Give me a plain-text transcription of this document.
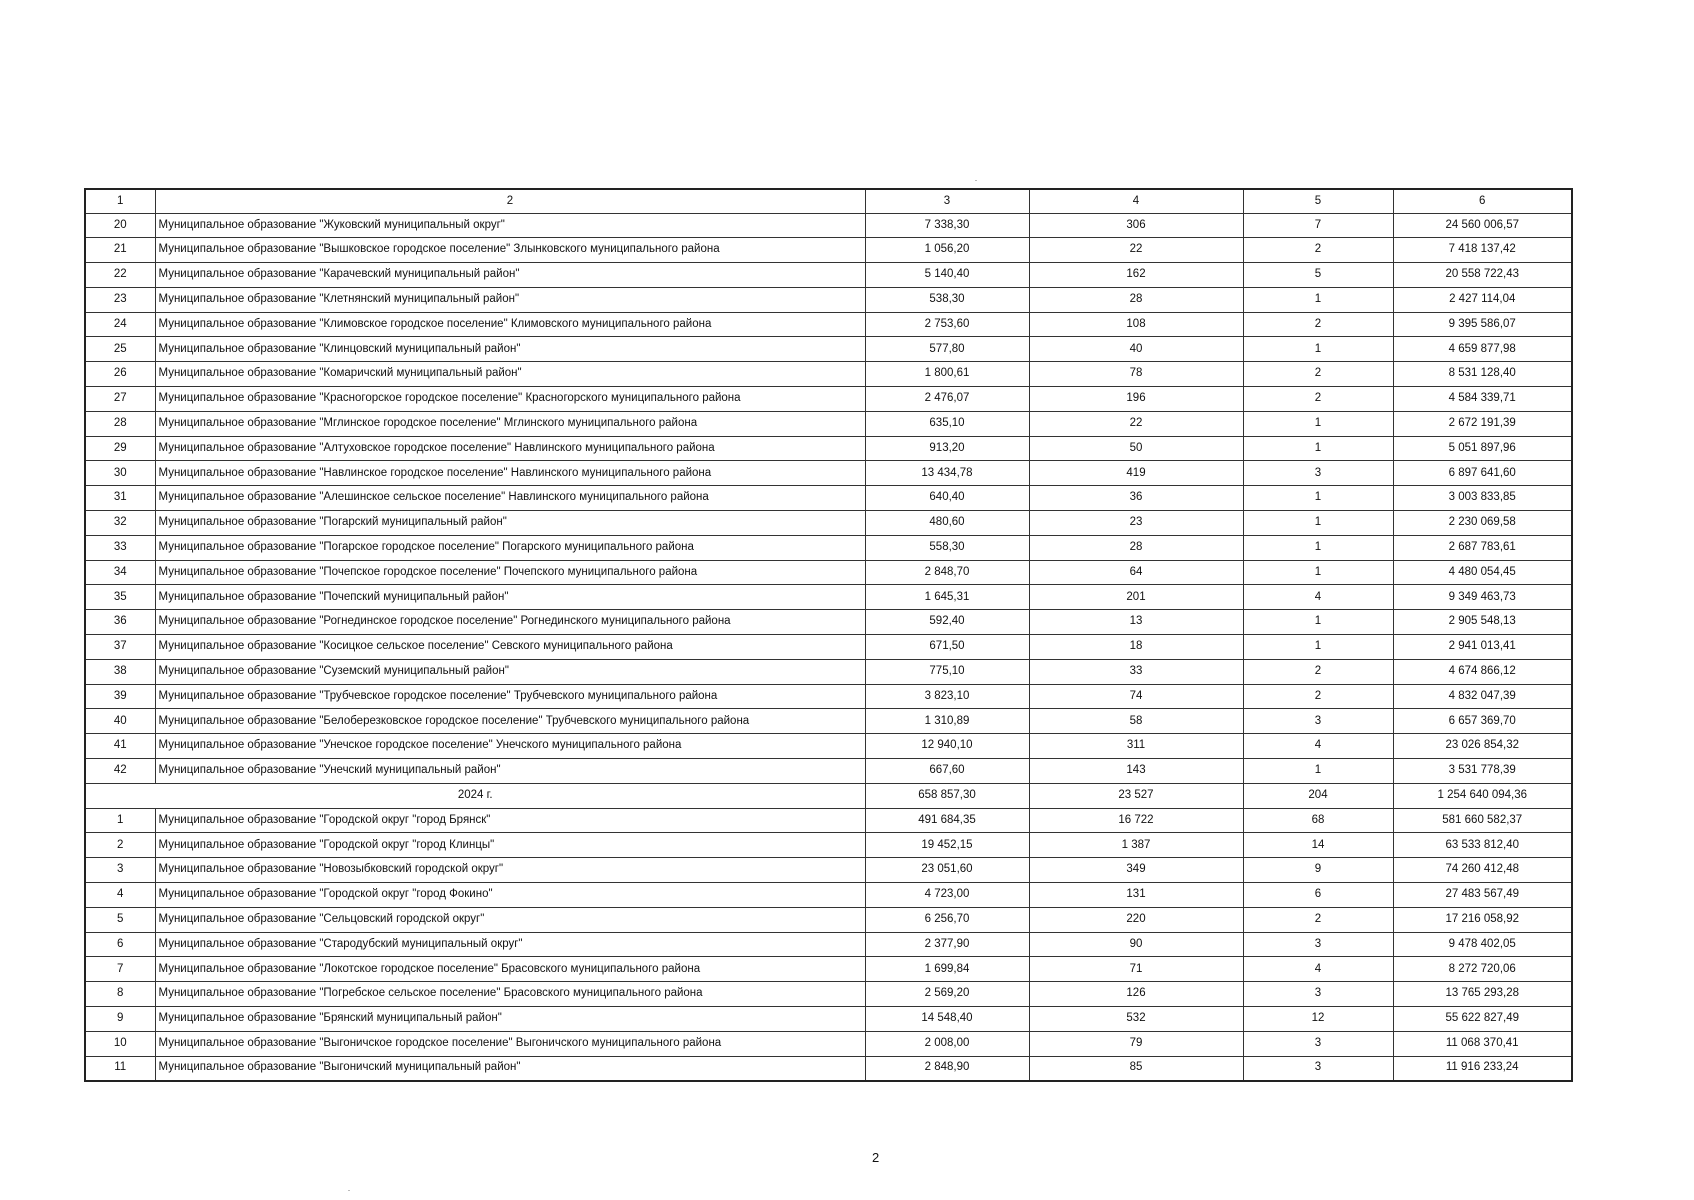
1	2	3	4	5	6
20	Муниципальное образование "Жуковский муниципальный округ"	7 338,30	306	7	24 560 006,57
21	Муниципальное образование "Вышковское городское поселение" Злынковского муниципального района	1 056,20	22	2	7 418 137,42
22	Муниципальное образование "Карачевский муниципальный район"	5 140,40	162	5	20 558 722,43
23	Муниципальное образование "Клетнянский муниципальный район"	538,30	28	1	2 427 114,04
24	Муниципальное образование "Климовское городское поселение" Климовского муниципального района	2 753,60	108	2	9 395 586,07
25	Муниципальное образование "Клинцовский муниципальный район"	577,80	40	1	4 659 877,98
26	Муниципальное образование "Комаричский муниципальный район"	1 800,61	78	2	8 531 128,40
27	Муниципальное образование "Красногорское городское поселение" Красногорского муниципального района	2 476,07	196	2	4 584 339,71
28	Муниципальное образование "Мглинское городское поселение" Мглинского муниципального района	635,10	22	1	2 672 191,39
29	Муниципальное образование "Алтуховское городское поселение" Навлинского муниципального района	913,20	50	1	5 051 897,96
30	Муниципальное образование "Навлинское городское поселение" Навлинского муниципального района	13 434,78	419	3	6 897 641,60
31	Муниципальное образование "Алешинское сельское поселение" Навлинского муниципального района	640,40	36	1	3 003 833,85
32	Муниципальное образование "Погарский муниципальный район"	480,60	23	1	2 230 069,58
33	Муниципальное образование "Погарское городское поселение" Погарского муниципального района	558,30	28	1	2 687 783,61
34	Муниципальное образование "Почепское городское поселение" Почепского муниципального района	2 848,70	64	1	4 480 054,45
35	Муниципальное образование "Почепский муниципальный район"	1 645,31	201	4	9 349 463,73
36	Муниципальное образование "Рогнединское городское поселение" Рогнединского муниципального района	592,40	13	1	2 905 548,13
37	Муниципальное образование "Косицкое сельское поселение" Севского муниципального района	671,50	18	1	2 941 013,41
38	Муниципальное образование "Суземский муниципальный район"	775,10	33	2	4 674 866,12
39	Муниципальное образование "Трубчевское городское поселение" Трубчевского муниципального района	3 823,10	74	2	4 832 047,39
40	Муниципальное образование "Белоберезковское городское поселение" Трубчевского муниципального района	1 310,89	58	3	6 657 369,70
41	Муниципальное образование "Унечское городское поселение" Унечского муниципального района	12 940,10	311	4	23 026 854,32
42	Муниципальное образование "Унечский муниципальный район"	667,60	143	1	3 531 778,39
2024 г.		658 857,30	23 527	204	1 254 640 094,36
1	Муниципальное образование "Городской округ "город Брянск"	491 684,35	16 722	68	581 660 582,37
2	Муниципальное образование "Городской округ "город Клинцы"	19 452,15	1 387	14	63 533 812,40
3	Муниципальное образование "Новозыбковский городской округ"	23 051,60	349	9	74 260 412,48
4	Муниципальное образование "Городской округ "город Фокино"	4 723,00	131	6	27 483 567,49
5	Муниципальное образование "Сельцовский городской округ"	6 256,70	220	2	17 216 058,92
6	Муниципальное образование "Стародубский муниципальный округ"	2 377,90	90	3	9 478 402,05
7	Муниципальное образование "Локотское городское поселение" Брасовского муниципального района	1 699,84	71	4	8 272 720,06
8	Муниципальное образование "Погребское сельское поселение" Брасовского муниципального района	2 569,20	126	3	13 765 293,28
9	Муниципальное образование "Брянский муниципальный район"	14 548,40	532	12	55 622 827,49
10	Муниципальное образование "Выгоничское городское поселение" Выгоничского муниципального района	2 008,00	79	3	11 068 370,41
11	Муниципальное образование "Выгоничский муниципальный район"	2 848,90	85	3	11 916 233,24
2
